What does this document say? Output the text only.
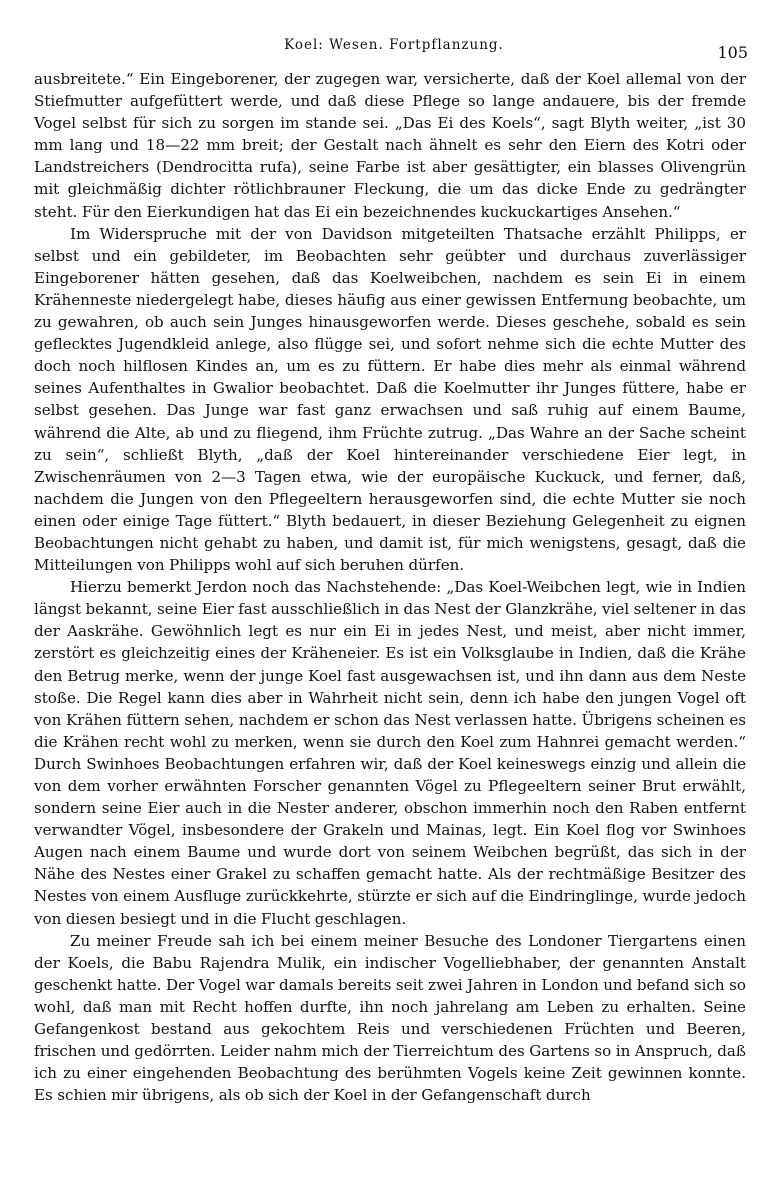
Koel: Wesen. Fortpflanzung.	105

ausbreitete.“ Ein Eingeborener, der zugegen war, versicherte, daß der Koel allemal von der Stiefmutter aufgefüttert werde, und daß diese Pflege so lange andauere, bis der fremde Vogel selbst für sich zu sorgen im stande sei. „Das Ei des Koels“, sagt Blyth weiter, „ist 30 mm lang und 18—22 mm breit; der Gestalt nach ähnelt es sehr den Eiern des Kotri oder Landstreichers (Dendrocitta rufa), seine Farbe ist aber gesättigter, ein blasses Olivengrün mit gleichmäßig dichter rötlichbrauner Fleckung, die um das dicke Ende zu gedrängter steht. Für den Eierkundigen hat das Ei ein bezeichnendes kuckuckartiges Ansehen.“

Im Widerspruche mit der von Davidson mitgeteilten Thatsache erzählt Philipps, er selbst und ein gebildeter, im Beobachten sehr geübter und durchaus zuverlässiger Eingeborener hätten gesehen, daß das Koelweibchen, nachdem es sein Ei in einem Krähenneste niedergelegt habe, dieses häufig aus einer gewissen Entfernung beobachte, um zu gewahren, ob auch sein Junges hinausgeworfen werde. Dieses geschehe, sobald es sein geflecktes Jugendkleid anlege, also flügge sei, und sofort nehme sich die echte Mutter des doch noch hilflosen Kindes an, um es zu füttern. Er habe dies mehr als einmal während seines Aufenthaltes in Gwalior beobachtet. Daß die Koelmutter ihr Junges füttere, habe er selbst gesehen. Das Junge war fast ganz erwachsen und saß ruhig auf einem Baume, während die Alte, ab und zu fliegend, ihm Früchte zutrug. „Das Wahre an der Sache scheint zu sein“, schließt Blyth, „daß der Koel hintereinander verschiedene Eier legt, in Zwischenräumen von 2—3 Tagen etwa, wie der europäische Kuckuck, und ferner, daß, nachdem die Jungen von den Pflegeeltern herausgeworfen sind, die echte Mutter sie noch einen oder einige Tage füttert.“ Blyth bedauert, in dieser Beziehung Gelegenheit zu eignen Beobachtungen nicht gehabt zu haben, und damit ist, für mich wenigstens, gesagt, daß die Mitteilungen von Philipps wohl auf sich beruhen dürfen.

Hierzu bemerkt Jerdon noch das Nachstehende: „Das Koel-Weibchen legt, wie in Indien längst bekannt, seine Eier fast ausschließlich in das Nest der Glanzkrähe, viel seltener in das der Aaskrähe. Gewöhnlich legt es nur ein Ei in jedes Nest, und meist, aber nicht immer, zerstört es gleichzeitig eines der Kräheneier. Es ist ein Volksglaube in Indien, daß die Krähe den Betrug merke, wenn der junge Koel fast ausgewachsen ist, und ihn dann aus dem Neste stoße. Die Regel kann dies aber in Wahrheit nicht sein, denn ich habe den jungen Vogel oft von Krähen füttern sehen, nachdem er schon das Nest verlassen hatte. Übrigens scheinen es die Krähen recht wohl zu merken, wenn sie durch den Koel zum Hahnrei gemacht werden.“ Durch Swinhoes Beobachtungen erfahren wir, daß der Koel keineswegs einzig und allein die von dem vorher erwähnten Forscher genannten Vögel zu Pflegeeltern seiner Brut erwählt, sondern seine Eier auch in die Nester anderer, obschon immerhin noch den Raben entfernt verwandter Vögel, insbesondere der Grakeln und Mainas, legt. Ein Koel flog vor Swinhoes Augen nach einem Baume und wurde dort von seinem Weibchen begrüßt, das sich in der Nähe des Nestes einer Grakel zu schaffen gemacht hatte. Als der rechtmäßige Besitzer des Nestes von einem Ausfluge zurückkehrte, stürzte er sich auf die Eindringlinge, wurde jedoch von diesen besiegt und in die Flucht geschlagen.

Zu meiner Freude sah ich bei einem meiner Besuche des Londoner Tiergartens einen der Koels, die Babu Rajendra Mulik, ein indischer Vogelliebhaber, der genannten Anstalt geschenkt hatte. Der Vogel war damals bereits seit zwei Jahren in London und befand sich so wohl, daß man mit Recht hoffen durfte, ihn noch jahrelang am Leben zu erhalten. Seine Gefangenkost bestand aus gekochtem Reis und verschiedenen Früchten und Beeren, frischen und gedörrten. Leider nahm mich der Tierreichtum des Gartens so in Anspruch, daß ich zu einer eingehenden Beobachtung des berühmten Vogels keine Zeit gewinnen konnte. Es schien mir übrigens, als ob sich der Koel in der Gefangenschaft durch
